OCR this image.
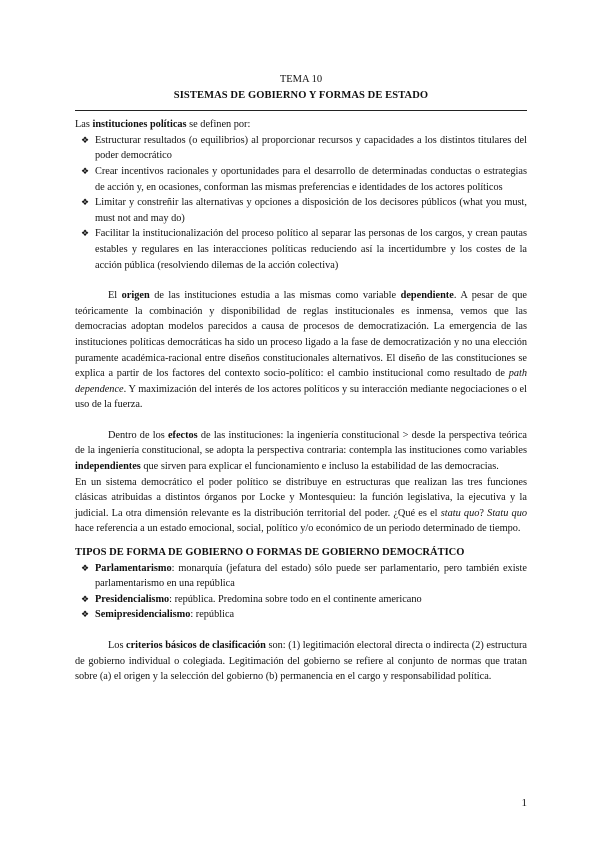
TEMA 10
SISTEMAS DE GOBIERNO Y FORMAS DE ESTADO
Las instituciones políticas se definen por:
❖ Estructurar resultados (o equilibrios) al proporcionar recursos y capacidades a los distintos titulares del poder democrático
❖ Crear incentivos racionales y oportunidades para el desarrollo de determinadas conductas o estrategias de acción y, en ocasiones, conforman las mismas preferencias e identidades de los actores políticos
❖ Limitar y constreñir las alternativas y opciones a disposición de los decisores públicos (what you must, must not and may do)
❖ Facilitar la institucionalización del proceso político al separar las personas de los cargos, y crean pautas estables y regulares en las interacciones políticas reduciendo así la incertidumbre y los costes de la acción pública (resolviendo dilemas de la acción colectiva)

El origen de las instituciones estudia a las mismas como variable dependiente. A pesar de que teóricamente la combinación y disponibilidad de reglas institucionales es inmensa, vemos que las democracias adoptan modelos parecidos a causa de procesos de democratización. La emergencia de las instituciones políticas democráticas ha sido un proceso ligado a la fase de democratización y no una elección puramente académica-racional entre diseños constitucionales alternativos. El diseño de las constituciones se explica a partir de los factores del contexto socio-político: el cambio institucional como resultado de path dependence. Y maximización del interés de los actores políticos y su interacción mediante negociaciones o el uso de la fuerza.

Dentro de los efectos de las instituciones: la ingeniería constitucional > desde la perspectiva teórica de la ingeniería constitucional, se adopta la perspectiva contraria: contempla las instituciones como variables independientes que sirven para explicar el funcionamiento e incluso la estabilidad de las democracias.

En un sistema democrático el poder político se distribuye en estructuras que realizan las tres funciones clásicas atribuidas a distintos órganos por Locke y Montesquieu: la función legislativa, la ejecutiva y la judicial. La otra dimensión relevante es la distribución territorial del poder. ¿Qué es el statu quo? Statu quo hace referencia a un estado emocional, social, político y/o económico de un periodo determinado de tiempo.

TIPOS DE FORMA DE GOBIERNO O FORMAS DE GOBIERNO DEMOCRÁTICO

❖ Parlamentarismo: monarquía (jefatura del estado) sólo puede ser parlamentario, pero también existe parlamentarismo en una república
❖ Presidencialismo: república. Predomina sobre todo en el continente americano
❖ Semipresidencialismo: república

Los criterios básicos de clasificación son: (1) legitimación electoral directa o indirecta (2) estructura de gobierno individual o colegiada. Legitimación del gobierno se refiere al conjunto de normas que tratan sobre (a) el origen y la selección del gobierno (b) permanencia en el cargo y responsabilidad política.

1
